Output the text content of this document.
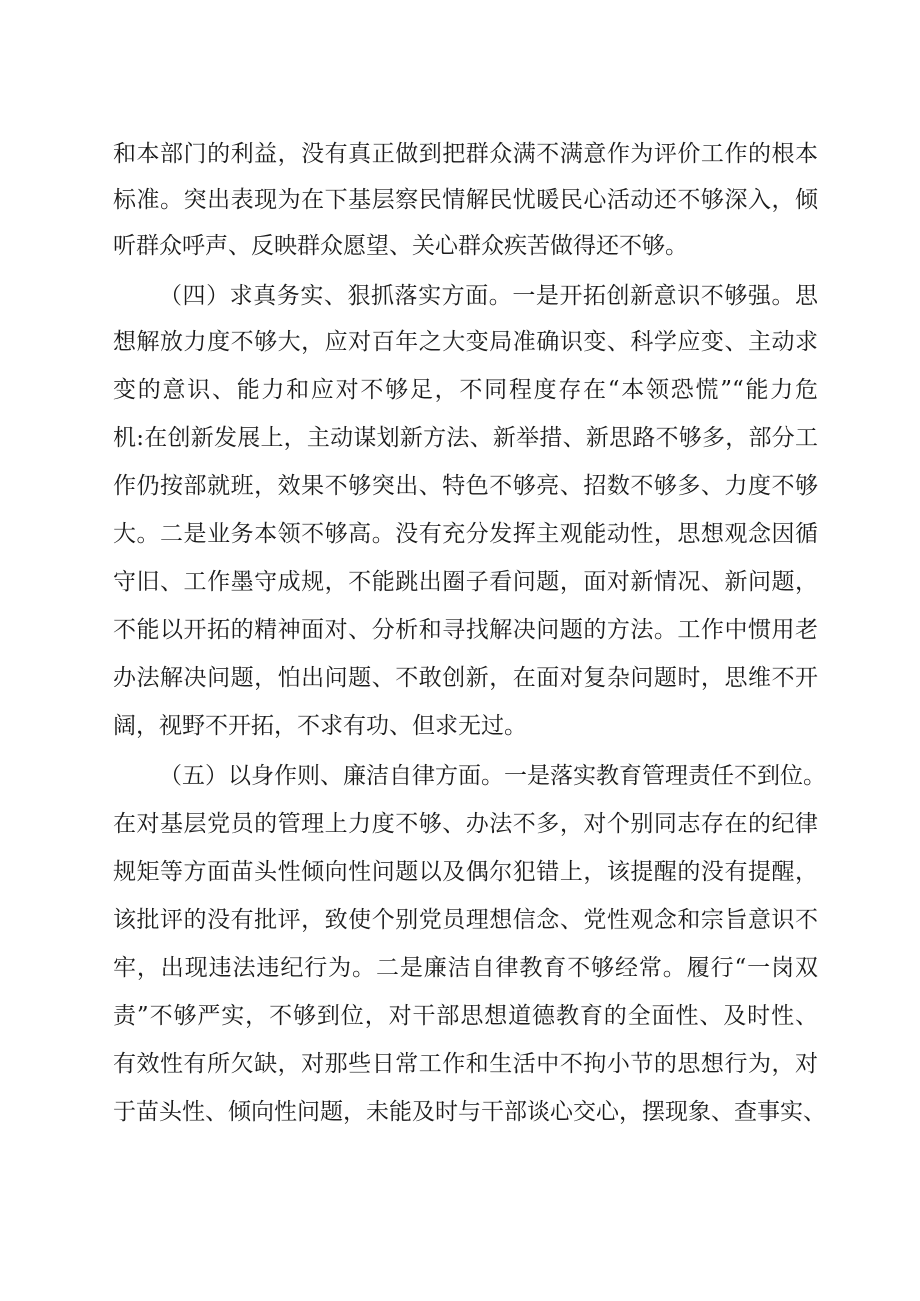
和本部门的利益，没有真正做到把群众满不满意作为评价工作的根本
标准。突出表现为在下基层察民情解民忧暖民心活动还不够深入，倾
听群众呼声、反映群众愿望、关心群众疾苦做得还不够。
（四）求真务实、狠抓落实方面。一是开拓创新意识不够强。思
想解放力度不够大，应对百年之大变局准确识变、科学应变、主动求
变的意识、能力和应对不够足，不同程度存在“本领恐慌”“能力危
机:在创新发展上，主动谋划新方法、新举措、新思路不够多，部分工
作仍按部就班，效果不够突出、特色不够亮、招数不够多、力度不够
大。二是业务本领不够高。没有充分发挥主观能动性，思想观念因循
守旧、工作墨守成规，不能跳出圈子看问题，面对新情况、新问题，
不能以开拓的精神面对、分析和寻找解决问题的方法。工作中惯用老
办法解决问题，怕出问题、不敢创新，在面对复杂问题时，思维不开
阔，视野不开拓，不求有功、但求无过。
（五）以身作则、廉洁自律方面。一是落实教育管理责任不到位。
在对基层党员的管理上力度不够、办法不多，对个别同志存在的纪律
规矩等方面苗头性倾向性问题以及偶尔犯错上，该提醒的没有提醒，
该批评的没有批评，致使个别党员理想信念、党性观念和宗旨意识不
牢，出现违法违纪行为。二是廉洁自律教育不够经常。履行“一岗双
责”不够严实，不够到位，对干部思想道德教育的全面性、及时性、
有效性有所欠缺，对那些日常工作和生活中不拘小节的思想行为，对
于苗头性、倾向性问题，未能及时与干部谈心交心，摆现象、查事实、
